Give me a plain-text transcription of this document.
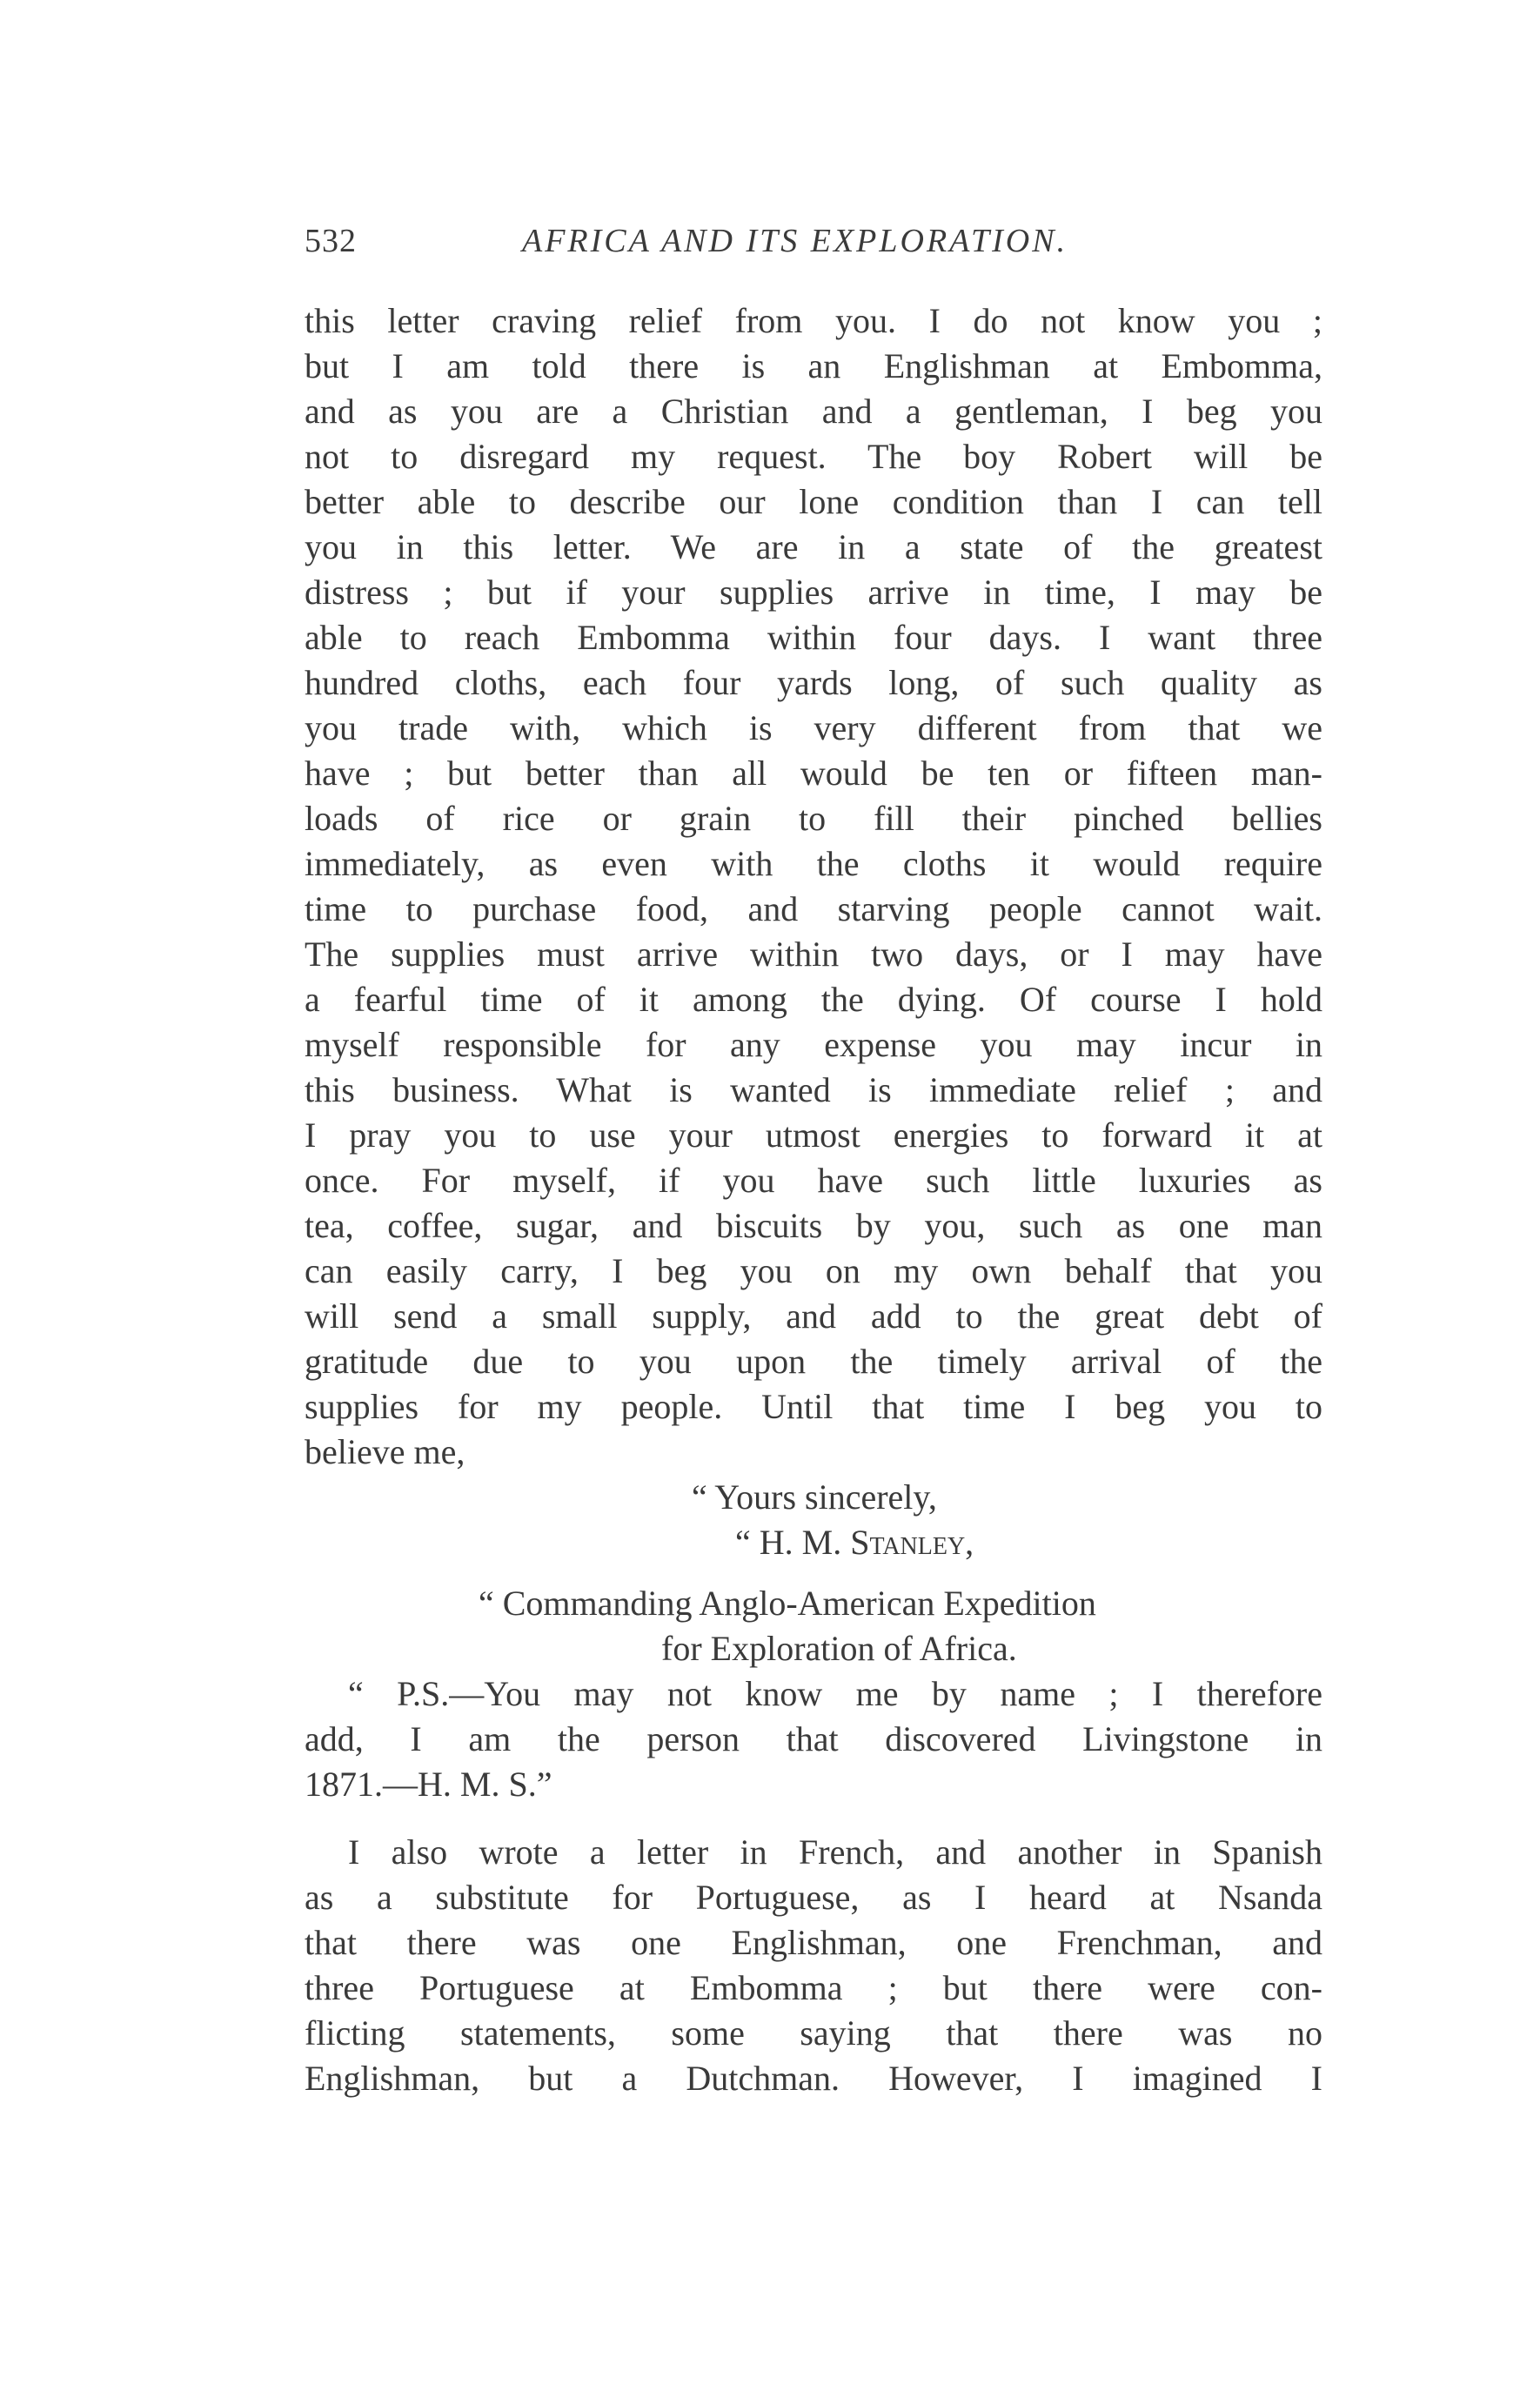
532	AFRICA AND ITS EXPLORATION.
this letter craving relief from you. I do not know you ;
but I am told there is an Englishman at Embomma,
and as you are a Christian and a gentleman, I beg you
not to disregard my request. The boy Robert will be
better able to describe our lone condition than I can tell
you in this letter. We are in a state of the greatest
distress ; but if your supplies arrive in time, I may be
able to reach Embomma within four days. I want three
hundred cloths, each four yards long, of such quality as
you trade with, which is very different from that we
have ; but better than all would be ten or fifteen man-
loads of rice or grain to fill their pinched bellies
immediately, as even with the cloths it would require
time to purchase food, and starving people cannot wait.
The supplies must arrive within two days, or I may have
a fearful time of it among the dying. Of course I hold
myself responsible for any expense you may incur in
this business. What is wanted is immediate relief ; and
I pray you to use your utmost energies to forward it at
once. For myself, if you have such little luxuries as
tea, coffee, sugar, and biscuits by you, such as one man
can easily carry, I beg you on my own behalf that you
will send a small supply, and add to the great debt of
gratitude due to you upon the timely arrival of the
supplies for my people. Until that time I beg you to
believe me,
“ Yours sincerely,
“ H. M. Stanley,
“ Commanding Anglo-American Expedition
for Exploration of Africa.
“ P.S.—You may not know me by name ; I therefore
add, I am the person that discovered Livingstone in
1871.—H. M. S.”
I also wrote a letter in French, and another in Spanish
as a substitute for Portuguese, as I heard at Nsanda
that there was one Englishman, one Frenchman, and
three Portuguese at Embomma ; but there were con-
flicting statements, some saying that there was no
Englishman, but a Dutchman. However, I imagined I
